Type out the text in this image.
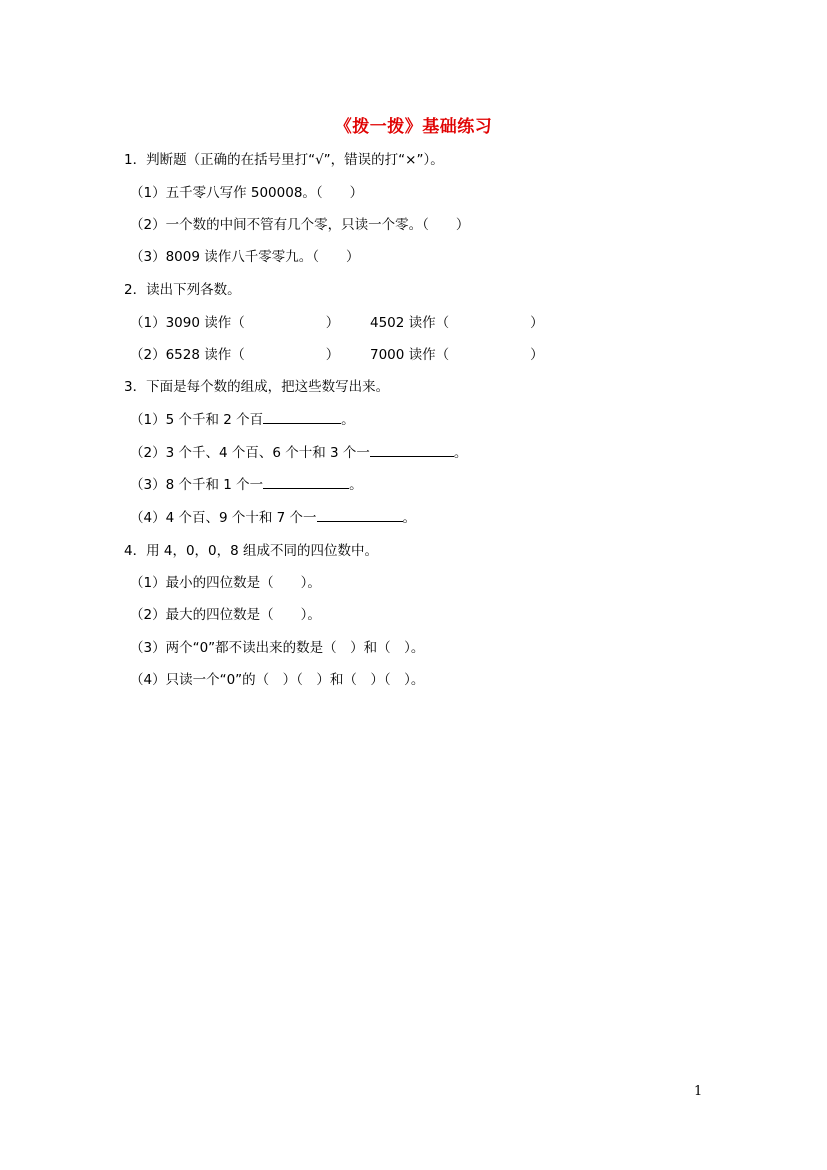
《拨一拨》基础练习
1．判断题（正确的在括号里打“√”，错误的打“×”）。
（1）五千零八写作 500008。（　　）
（2）一个数的中间不管有几个零，只读一个零。（　　）
（3）8009 读作八千零零九。（　　）
2．读出下列各数。
（1）3090 读作（　　　　　　） 4502 读作（　　　　　　）
（2）6528 读作（　　　　　　） 7000 读作（　　　　　　）
3．下面是每个数的组成，把这些数写出来。
（1）5 个千和 2 个百	。
（2）3 个千、4 个百、6 个十和 3 个一	。
（3）8 个千和 1 个一	。
（4）4 个百、9 个十和 7 个一	。
4．用 4，0，0，8 组成不同的四位数中。
（1）最小的四位数是（　　）。
（2）最大的四位数是（　　）。
（3）两个“0”都不读出来的数是（　）和（　）。
（4）只读一个“0”的（　）（　）和（　）（　）。
1
